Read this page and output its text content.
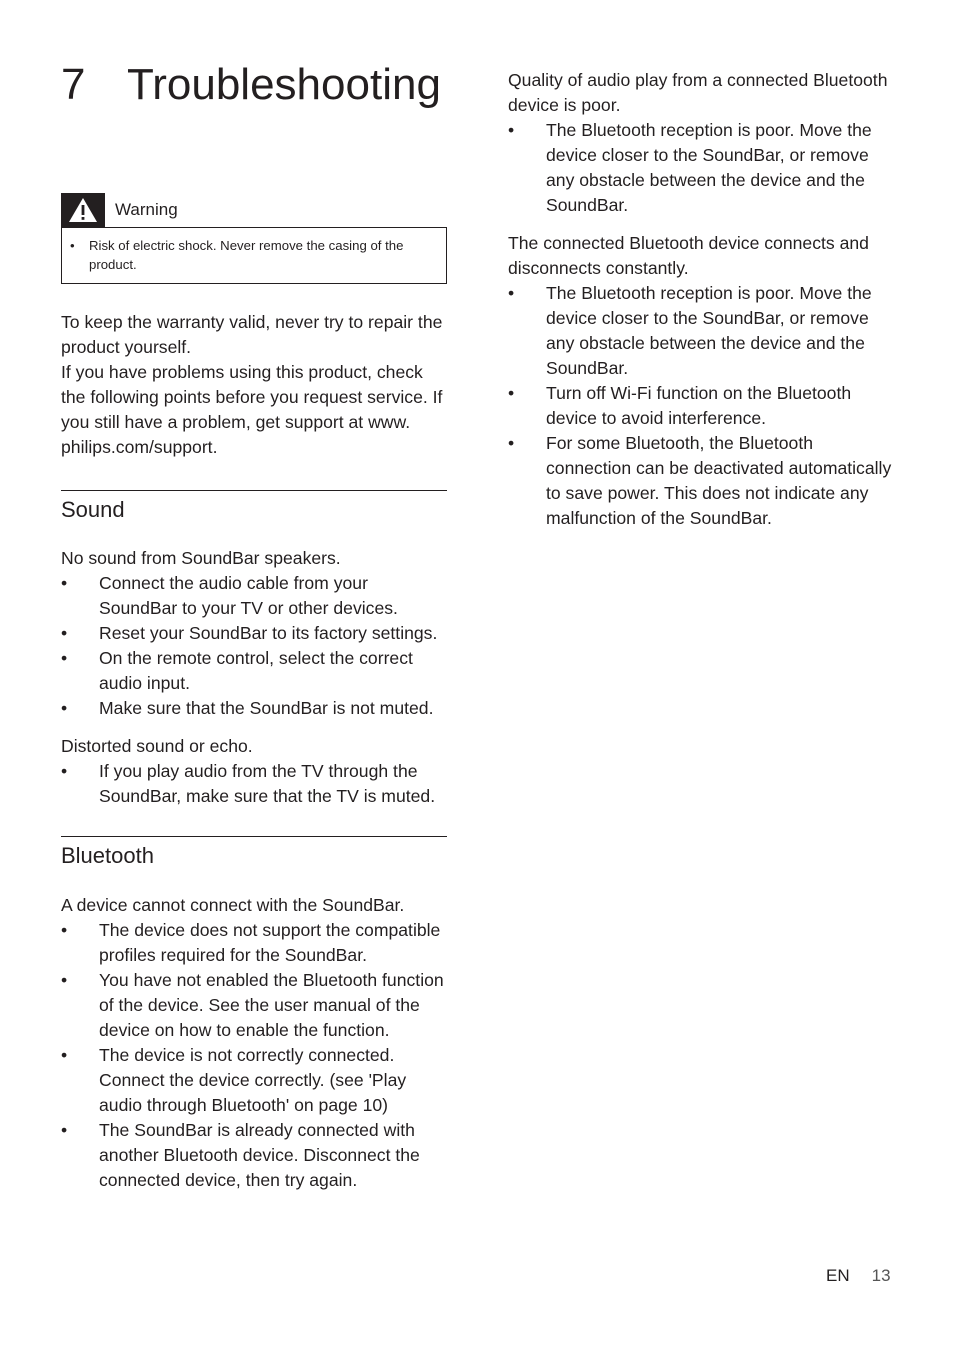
7 Troubleshooting
Warning
•	Risk of electric shock. Never remove the casing of the product.

To keep the warranty valid, never try to repair the product yourself.

If you have problems using this product, check the following points before you request service. If you still have a problem, get support at www. philips.com/support.

Sound

No sound from SoundBar speakers.

•	Connect the audio cable from your SoundBar to your TV or other devices.
•	Reset your SoundBar to its factory settings.
•	On the remote control, select the correct audio input.
•	Make sure that the SoundBar is not muted.

Distorted sound or echo.

•	If you play audio from the TV through the SoundBar, make sure that the TV is muted.
Bluetooth

A device cannot connect with the SoundBar.

•	The device does not support the compatible profiles required for the SoundBar.
•	You have not enabled the Bluetooth function of the device. See the user manual of the device on how to enable the function.
•	The device is not correctly connected. Connect the device correctly. (see 'Play audio through Bluetooth' on page 10)
•	The SoundBar is already connected with another Bluetooth device. Disconnect the connected device, then try again.

Quality of audio play from a connected Bluetooth device is poor.

•	The Bluetooth reception is poor. Move the device closer to the SoundBar, or remove any obstacle between the device and the SoundBar.

The connected Bluetooth device connects and disconnects constantly.

•	The Bluetooth reception is poor. Move the device closer to the SoundBar, or remove any obstacle between the device and the SoundBar.
•	Turn off Wi-Fi function on the Bluetooth device to avoid interference.
•	For some Bluetooth, the Bluetooth connection can be deactivated automatically to save power. This does not indicate any malfunction of the SoundBar.
EN 13
